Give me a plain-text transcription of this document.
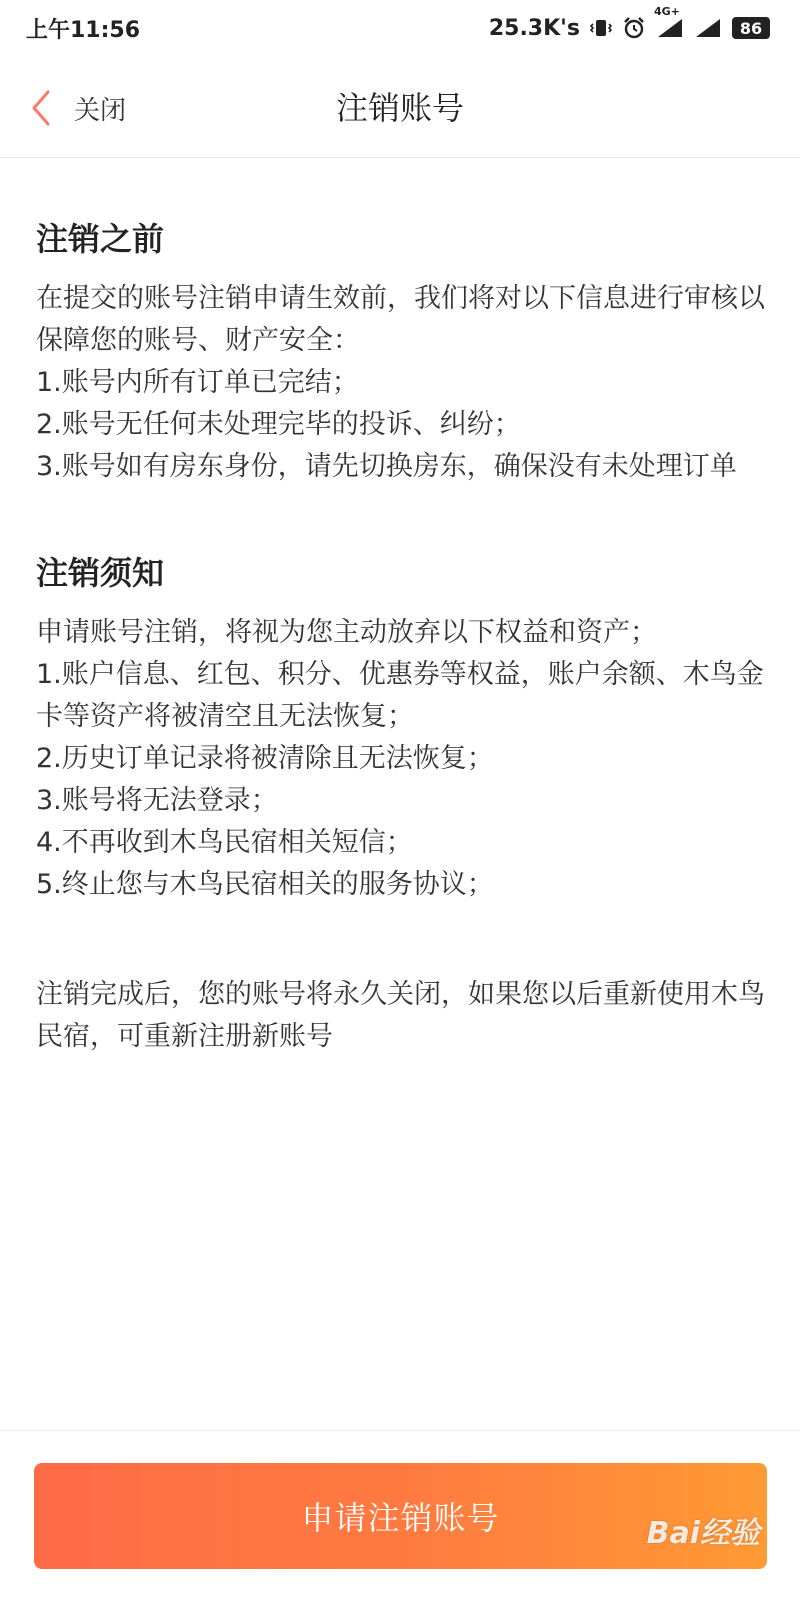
上午11:56	25.3K's
4G+
86
关闭	注销账号
注销之前
在提交的账号注销申请生效前，我们将对以下信息进行审核以保障您的账号、财产安全：
1.账号内所有订单已完结；
2.账号无任何未处理完毕的投诉、纠纷；
3.账号如有房东身份，请先切换房东，确保没有未处理订单
注销须知
申请账号注销，将视为您主动放弃以下权益和资产；
1.账户信息、红包、积分、优惠券等权益，账户余额、木鸟金卡等资产将被清空且无法恢复；
2.历史订单记录将被清除且无法恢复；
3.账号将无法登录；
4.不再收到木鸟民宿相关短信；
5.终止您与木鸟民宿相关的服务协议；
注销完成后，您的账号将永久关闭，如果您以后重新使用木鸟民宿，可重新注册新账号
申请注销账号	Bai经验
